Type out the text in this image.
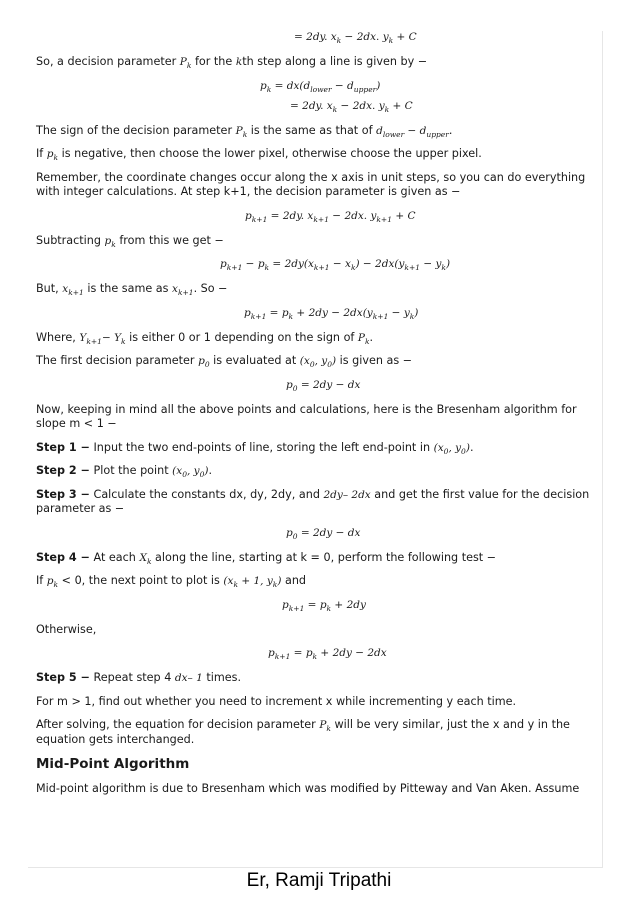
= 2dy. $x_k - 2dx$. $y_k + C$

So, a decision parameter $P_k$ for the kth step along a line is given by −

$p_k = dx(d_{lower} - d_{upper})$
= 2dy. $x_k - 2dx$. $y_k + C$

The sign of the decision parameter $P_k$ is the same as that of $d_{lower} - d_{upper}$.

If $p_k$ is negative, then choose the lower pixel, otherwise choose the upper pixel.

Remember, the coordinate changes occur along the x axis in unit steps, so you can do everything with integer calculations. At step k+1, the decision parameter is given as −

$p_{k+1} = 2dy$. $x_{k+1} - 2dx$. $y_{k+1} + C$

Subtracting $p_k$ from this we get −

$p_{k+1} - p_k = 2dy(x_{k+1} - x_k) - 2dx(y_{k+1} - y_k)$

But, $x_{k+1}$ is the same as $x_{k+1}$. So −

$p_{k+1} = p_k + 2dy - 2dx(y_{k+1} - y_k)$

Where, $Y_{k+1}- Y_k$ is either 0 or 1 depending on the sign of $P_k$.

The first decision parameter $p_0$ is evaluated at ($x_0$, $y_0$) is given as −

$p_0 = 2dy$ − dx

Now, keeping in mind all the above points and calculations, here is the Bresenham algorithm for slope m < 1 −

Step 1 − Input the two end-points of line, storing the left end-point in ($x_0$, $y_0$).

Step 2 − Plot the point ($x_0$, $y_0$).

Step 3 − Calculate the constants dx, dy, 2dy, and 2dy– 2dx and get the first value for the decision parameter as −

$p_0 = 2dy$ − dx

Step 4 − At each $X_k$ along the line, starting at k = 0, perform the following test −

If $p_k < 0$, the next point to plot is ($x_k + 1$, $y_k$) and

$p_{k+1} = p_k + 2dy$

Otherwise,

$p_{k+1} = p_k + 2dy - 2dx$

Step 5 − Repeat step 4 dx– 1 times.

For m > 1, find out whether you need to increment x while incrementing y each time.

After solving, the equation for decision parameter $P_k$ will be very similar, just the x and y in the equation gets interchanged.

Mid-Point Algorithm

Mid-point algorithm is due to Bresenham which was modified by Pitteway and Van Aken. Assume

Er, Ramji Tripathi
